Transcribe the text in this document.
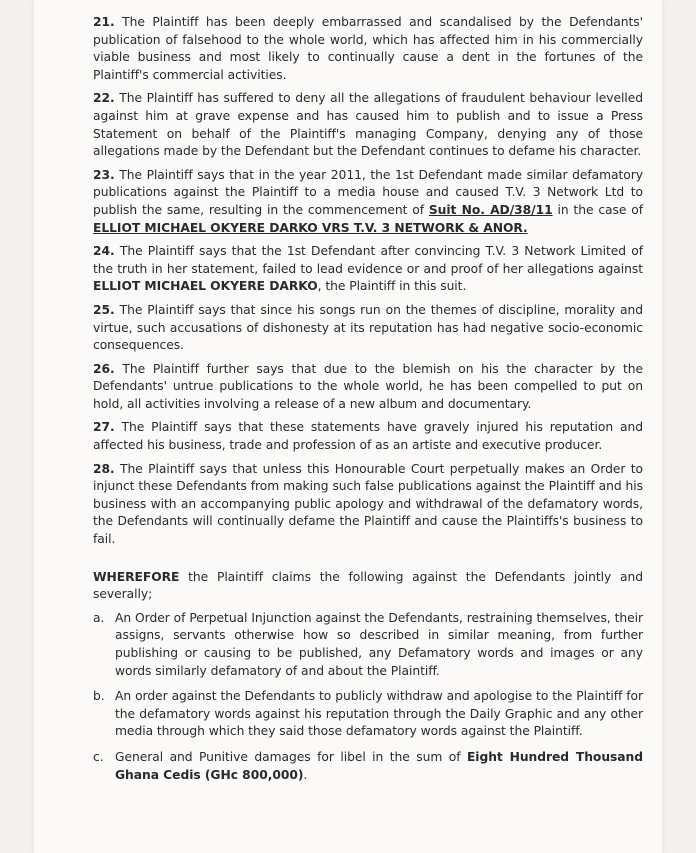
21. The Plaintiff has been deeply embarrassed and scandalised by the Defendants' publication of falsehood to the whole world, which has affected him in his commercially viable business and most likely to continually cause a dent in the fortunes of the Plaintiff's commercial activities.

22. The Plaintiff has suffered to deny all the allegations of fraudulent behaviour levelled against him at grave expense and has caused him to publish and to issue a Press Statement on behalf of the Plaintiff's managing Company, denying any of those allegations made by the Defendant but the Defendant continues to defame his character.

23. The Plaintiff says that in the year 2011, the 1st Defendant made similar defamatory publications against the Plaintiff to a media house and caused T.V. 3 Network Ltd to publish the same, resulting in the commencement of Suit No. AD/38/11 in the case of ELLIOT MICHAEL OKYERE DARKO VRS T.V. 3 NETWORK & ANOR.

24. The Plaintiff says that the 1st Defendant after convincing T.V. 3 Network Limited of the truth in her statement, failed to lead evidence or and proof of her allegations against ELLIOT MICHAEL OKYERE DARKO, the Plaintiff in this suit.

25. The Plaintiff says that since his songs run on the themes of discipline, morality and virtue, such accusations of dishonesty at its reputation has had negative socio-economic consequences.

26. The Plaintiff further says that due to the blemish on his the character by the Defendants' untrue publications to the whole world, he has been compelled to put on hold, all activities involving a release of a new album and documentary.

27. The Plaintiff says that these statements have gravely injured his reputation and affected his business, trade and profession of as an artiste and executive producer.

28. The Plaintiff says that unless this Honourable Court perpetually makes an Order to injunct these Defendants from making such false publications against the Plaintiff and his business with an accompanying public apology and withdrawal of the defamatory words, the Defendants will continually defame the Plaintiff and cause the Plaintiffs's business to fail.

WHEREFORE the Plaintiff claims the following against the Defendants jointly and severally;

a. An Order of Perpetual Injunction against the Defendants, restraining themselves, their assigns, servants otherwise how so described in similar meaning, from further publishing or causing to be published, any Defamatory words and images or any words similarly defamatory of and about the Plaintiff.
b. An order against the Defendants to publicly withdraw and apologise to the Plaintiff for the defamatory words against his reputation through the Daily Graphic and any other media through which they said those defamatory words against the Plaintiff.
c. General and Punitive damages for libel in the sum of Eight Hundred Thousand Ghana Cedis (GHc 800,000).
